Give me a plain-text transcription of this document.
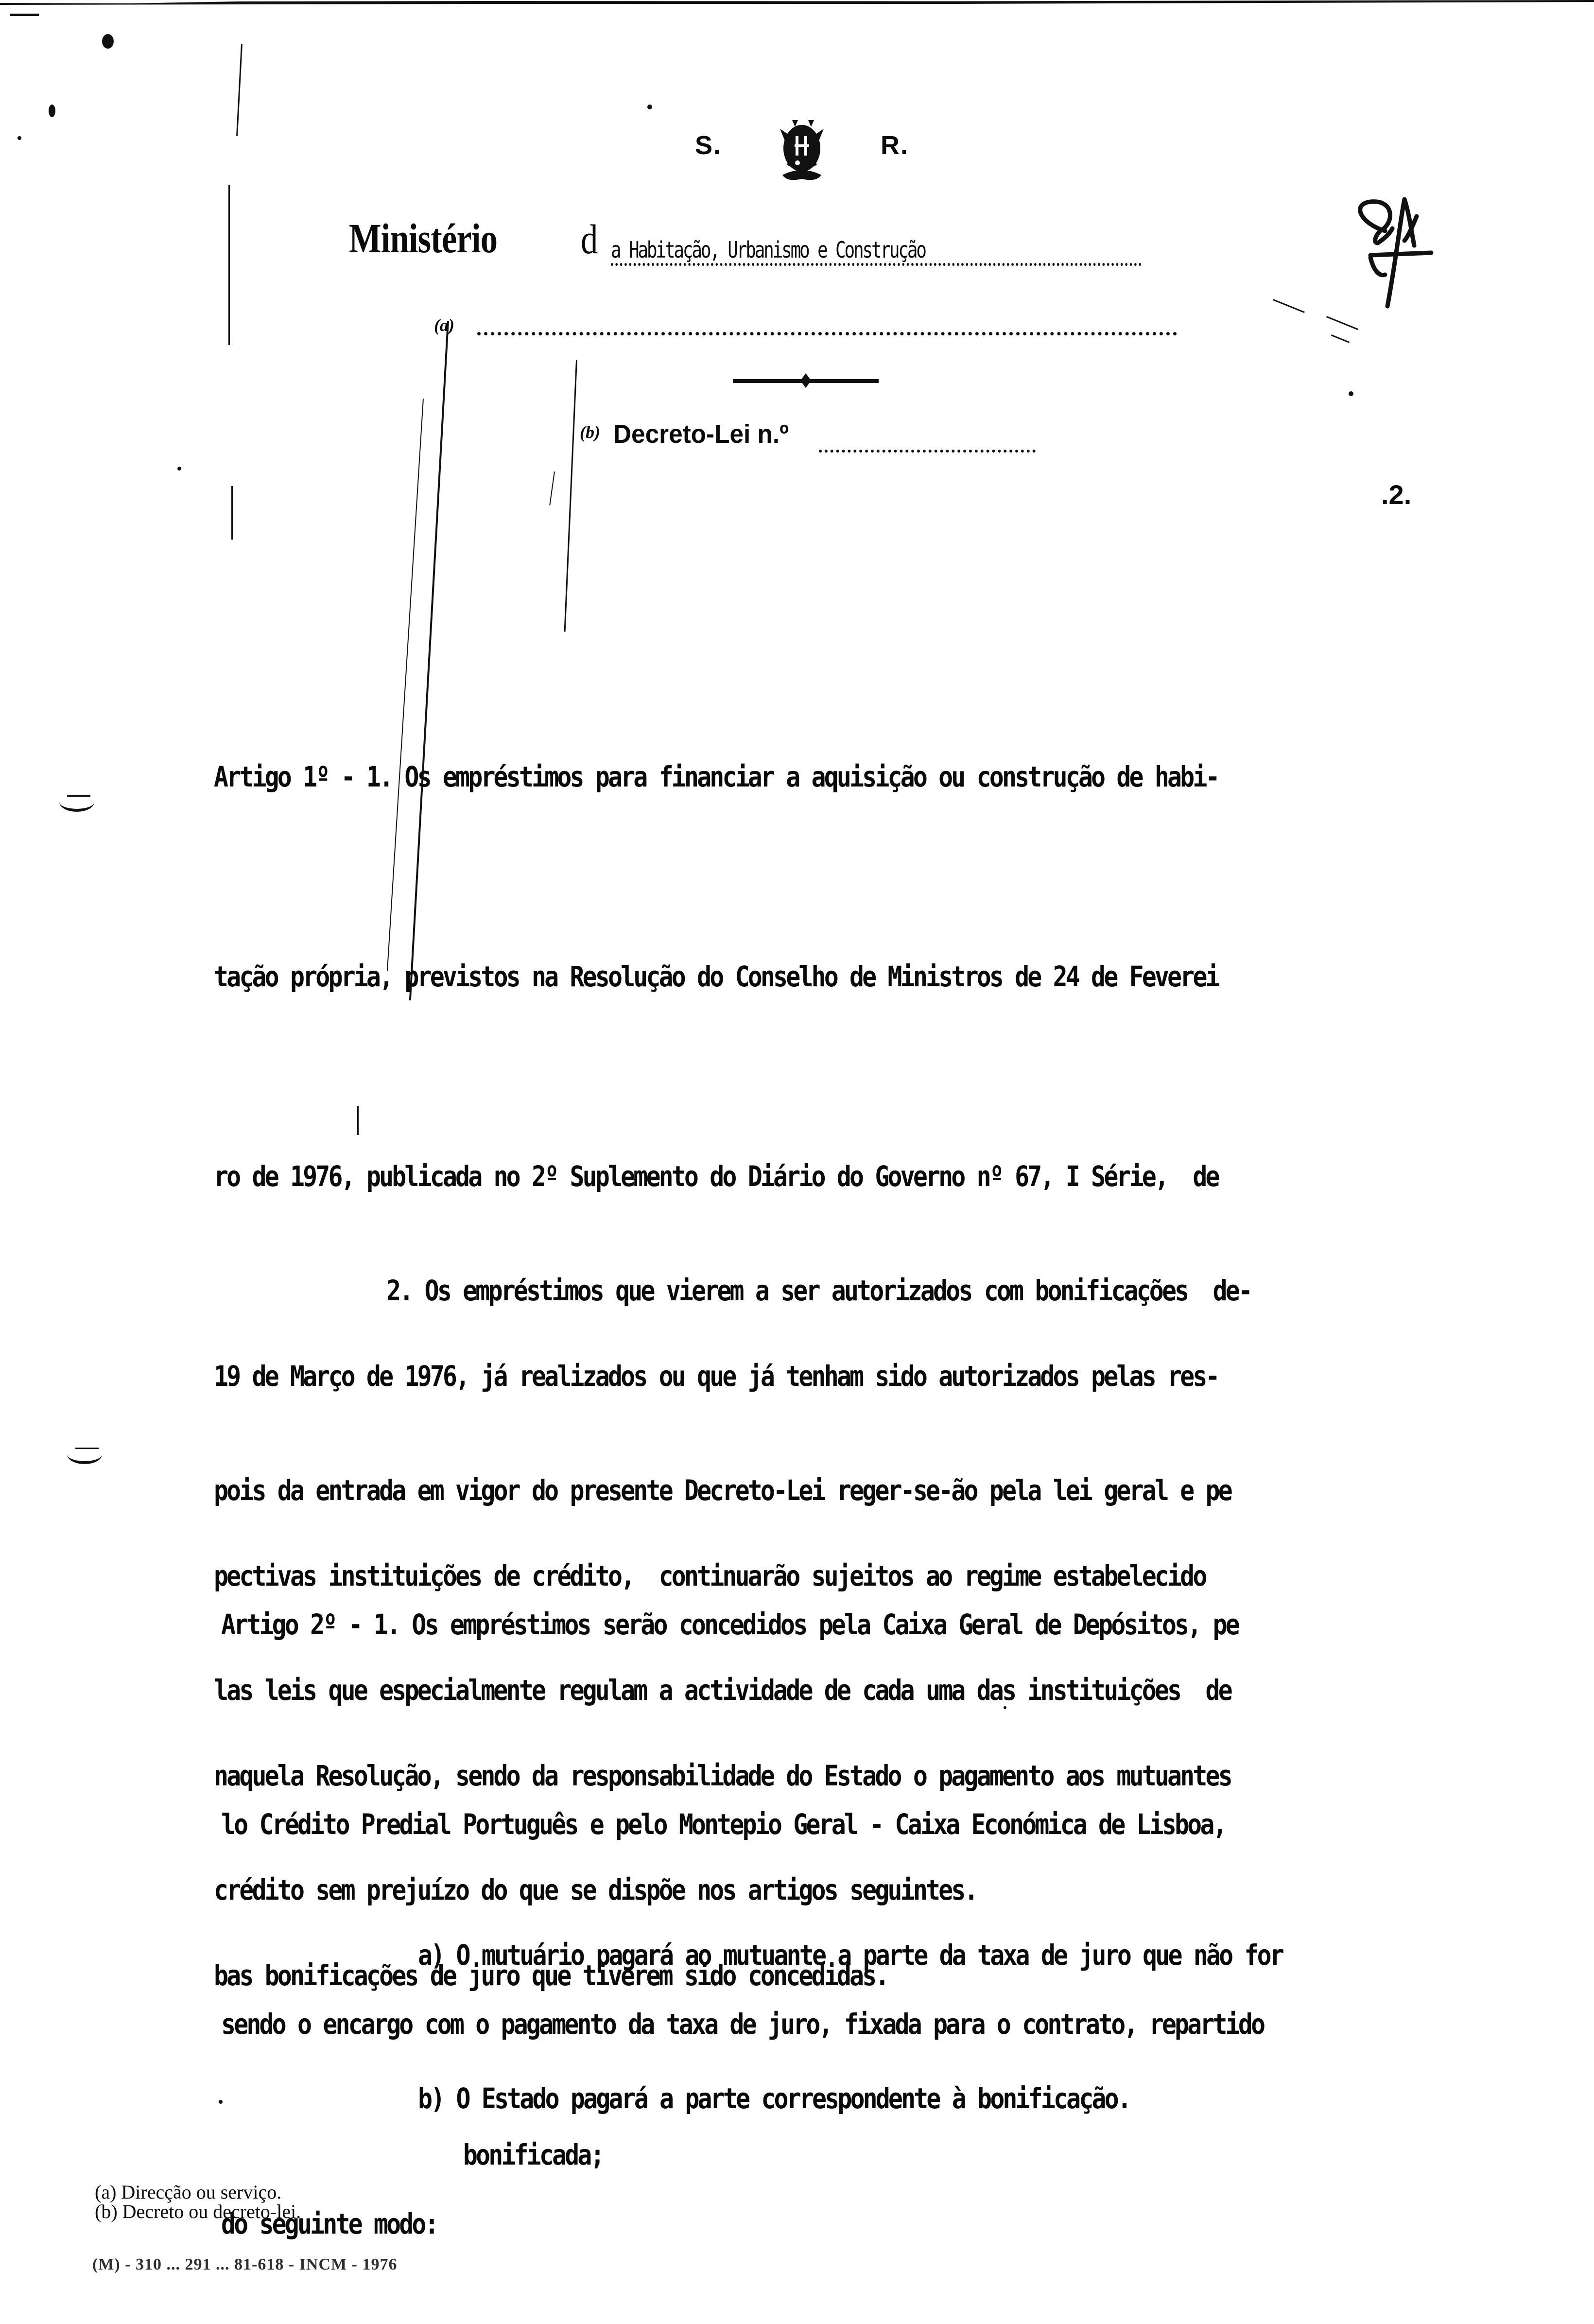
S.	R.
Ministério d a Habitação, Urbanismo e Construção
(a)
(b) Decreto-Lei n.º
.2.

Artigo 1º - 1. Os empréstimos para financiar a aquisição ou construção de habi-

tação própria, previstos na Resolução do Conselho de Ministros de 24 de Feverei

ro de 1976, publicada no 2º Suplemento do Diário do Governo nº 67, I Série,  de

19 de Março de 1976, já realizados ou que já tenham sido autorizados pelas res-

pectivas instituições de crédito,  continuarão sujeitos ao regime estabelecido

naquela Resolução, sendo da responsabilidade do Estado o pagamento aos mutuantes

bas bonificações de juro que tiverem sido concedidas.

2. Os empréstimos que vierem a ser autorizados com bonificações  de-

pois da entrada em vigor do presente Decreto-Lei reger-se-ão pela lei geral e pe

las leis que especialmente regulam a actividade de cada uma das instituições  de

crédito sem prejuízo do que se dispõe nos artigos seguintes.

Artigo 2º - 1. Os empréstimos serão concedidos pela Caixa Geral de Depósitos, pe

lo Crédito Predial Português e pelo Montepio Geral - Caixa Económica de Lisboa,

sendo o encargo com o pagamento da taxa de juro, fixada para o contrato, repartido

do seguinte modo:

a) O mutuário pagará ao mutuante a parte da taxa de juro que não for

bonificada;

b) O Estado pagará a parte correspondente à bonificação.

(a) Direcção ou serviço.
(b) Decreto ou decreto-lei.
(M) - 310 ... 291 ... 81-618 - INCM - 1976
